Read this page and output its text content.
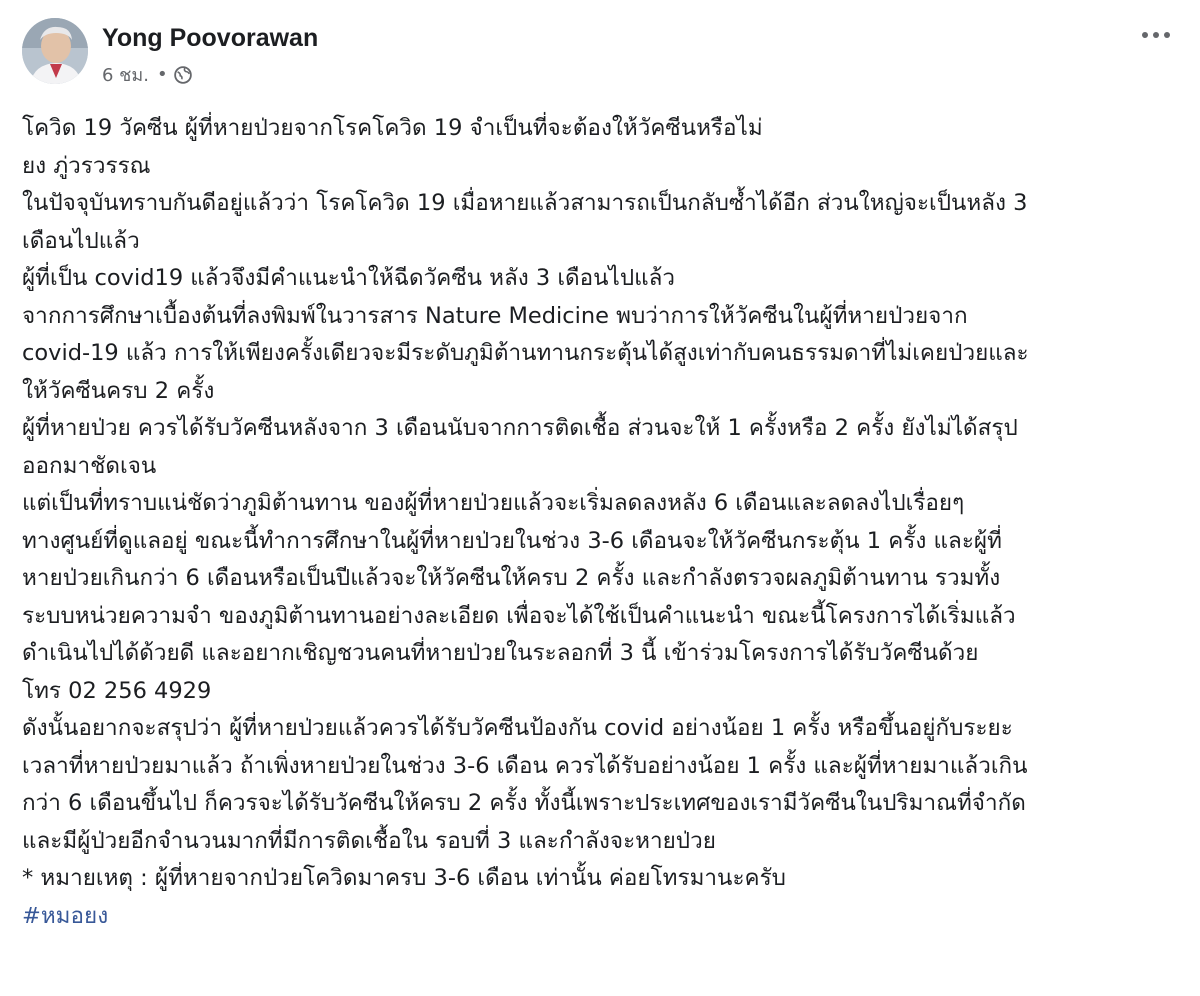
Yong Poovorawan
6 ชม. •

โควิด 19 วัคซีน ผู้ที่หายป่วยจากโรคโควิด 19 จำเป็นที่จะต้องให้วัคซีนหรือไม่

ยง ภู่วรวรรณ

ในปัจจุบันทราบกันดีอยู่แล้วว่า โรคโควิด 19 เมื่อหายแล้วสามารถเป็นกลับซ้ำได้อีก ส่วนใหญ่จะเป็นหลัง 3

เดือนไปแล้ว

ผู้ที่เป็น covid19 แล้วจึงมีคำแนะนำให้ฉีดวัคซีน หลัง 3 เดือนไปแล้ว

จากการศึกษาเบื้องต้นที่ลงพิมพ์ในวารสาร Nature Medicine พบว่าการให้วัคซีนในผู้ที่หายป่วยจาก

covid-19 แล้ว การให้เพียงครั้งเดียวจะมีระดับภูมิต้านทานกระตุ้นได้สูงเท่ากับคนธรรมดาที่ไม่เคยป่วยและ

ให้วัคซีนครบ 2 ครั้ง

ผู้ที่หายป่วย ควรได้รับวัคซีนหลังจาก 3 เดือนนับจากการติดเชื้อ ส่วนจะให้ 1 ครั้งหรือ 2 ครั้ง ยังไม่ได้สรุป

ออกมาชัดเจน

แต่เป็นที่ทราบแน่ชัดว่าภูมิต้านทาน ของผู้ที่หายป่วยแล้วจะเริ่มลดลงหลัง 6 เดือนและลดลงไปเรื่อยๆ

ทางศูนย์ที่ดูแลอยู่ ขณะนี้ทำการศึกษาในผู้ที่หายป่วยในช่วง 3-6 เดือนจะให้วัคซีนกระตุ้น 1 ครั้ง และผู้ที่

หายป่วยเกินกว่า 6 เดือนหรือเป็นปีแล้วจะให้วัคซีนให้ครบ 2 ครั้ง และกำลังตรวจผลภูมิต้านทาน รวมทั้ง

ระบบหน่วยความจำ ของภูมิต้านทานอย่างละเอียด เพื่อจะได้ใช้เป็นคำแนะนำ ขณะนี้โครงการได้เริ่มแล้ว

ดำเนินไปได้ด้วยดี และอยากเชิญชวนคนที่หายป่วยในระลอกที่ 3 นี้ เข้าร่วมโครงการได้รับวัคซีนด้วย

โทร 02 256 4929

ดังนั้นอยากจะสรุปว่า ผู้ที่หายป่วยแล้วควรได้รับวัคซีนป้องกัน covid อย่างน้อย 1 ครั้ง หรือขึ้นอยู่กับระยะ

เวลาที่หายป่วยมาแล้ว ถ้าเพิ่งหายป่วยในช่วง 3-6 เดือน ควรได้รับอย่างน้อย 1 ครั้ง และผู้ที่หายมาแล้วเกิน

กว่า 6 เดือนขึ้นไป ก็ควรจะได้รับวัคซีนให้ครบ 2 ครั้ง ทั้งนี้เพราะประเทศของเรามีวัคซีนในปริมาณที่จำกัด

และมีผู้ป่วยอีกจำนวนมากที่มีการติดเชื้อใน รอบที่ 3 และกำลังจะหายป่วย

* หมายเหตุ : ผู้ที่หายจากป่วยโควิดมาครบ 3-6 เดือน เท่านั้น ค่อยโทรมานะครับ

#หมอยง
